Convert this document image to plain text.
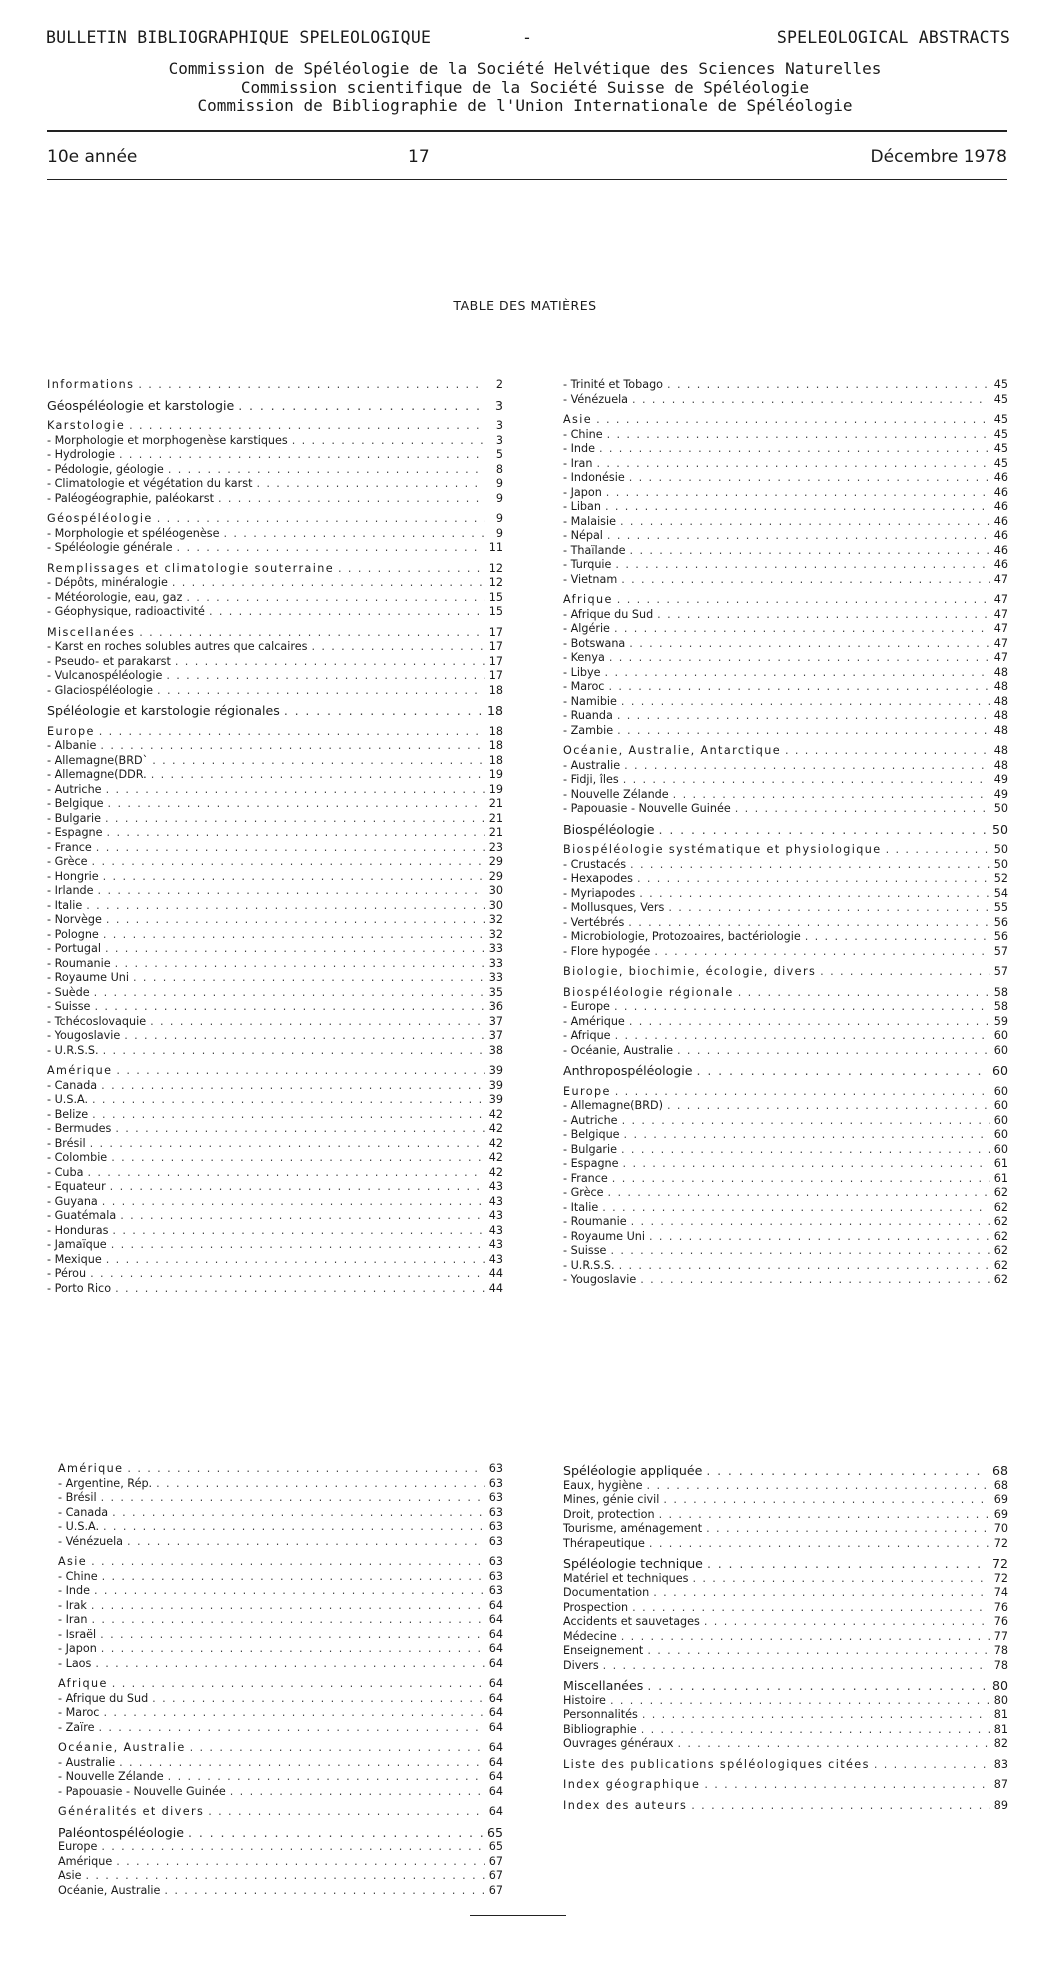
BULLETIN BIBLIOGRAPHIQUE SPELEOLOGIQUE	-	SPELEOLOGICAL ABSTRACTS
Commission de Spéléologie de la Société Helvétique des Sciences Naturelles
Commission scientifique de la Société Suisse de Spéléologie
Commission de Bibliographie de l'Union Internationale de Spéléologie
10e année	17	Décembre 1978
TABLE DES MATIÈRES
Informations . . .	2
Géospéléologie et karstologie . . .	3
Karstologie . . .	3
- Morphologie et morphogenèse karstiques . . .	3
- Hydrologie . . .	5
- Pédologie, géologie . . .	8
- Climatologie et végétation du karst . . .	9
- Paléogéographie, paléokarst . . .	9
Géospéléologie . . .	9
- Morphologie et spéléogenèse . . .	9
- Spéléologie générale . . .	11
Remplissages et climatologie souterraine . . .	12
- Dépôts, minéralogie . . .	12
- Météorologie, eau, gaz . . .	15
- Géophysique, radioactivité . . .	15
Miscellanées . . .	17
- Karst en roches solubles autres que calcaires . . .	17
- Pseudo- et parakarst . . .	17
- Vulcanospéléologie . . .	17
- Glaciospéléologie . . .	18
Spéléologie et karstologie régionales . . .	18
Europe . . .	18
- Albanie . . .	18
- Allemagne(BRD` . . .	18
- Allemagne(DDR. . . .	19
- Autriche . . .	19
- Belgique . . .	21
- Bulgarie . . .	21
- Espagne . . .	21
- France . . .	23
- Grèce . . .	29
- Hongrie . . .	29
- Irlande . . .	30
- Italie . . .	30
- Norvège . . .	32
- Pologne . . .	32
- Portugal . . .	33
- Roumanie . . .	33
- Royaume Uni . . .	33
- Suède . . .	35
- Suisse . . .	36
- Tchécoslovaquie . . .	37
- Yougoslavie . . .	37
- U.R.S.S. . . .	38
Amérique . . .	39
- Canada . . .	39
- U.S.A. . . .	39
- Belize . . .	42
- Bermudes . . .	42
- Brésil . . .	42
- Colombie . . .	42
- Cuba . . .	42
- Equateur . . .	43
- Guyana . . .	43
- Guatémala . . .	43
- Honduras . . .	43
- Jamaïque . . .	43
- Mexique . . .	43
- Pérou . . .	44
- Porto Rico . . .	44
- Trinité et Tobago . . .	45
- Vénézuela . . .	45
Asie . . .	45
- Chine . . .	45
- Inde . . .	45
- Iran . . .	45
- Indonésie . . .	46
- Japon . . .	46
- Liban . . .	46
- Malaisie . . .	46
- Népal . . .	46
- Thaïlande . . .	46
- Turquie . . .	46
- Vietnam . . .	47
Afrique . . .	47
- Afrique du Sud . . .	47
- Algérie . . .	47
- Botswana . . .	47
- Kenya . . .	47
- Libye . . .	48
- Maroc . . .	48
- Namibie . . .	48
- Ruanda . . .	48
- Zambie . . .	48
Océanie, Australie, Antarctique . . .	48
- Australie . . .	48
- Fidji, îles . . .	49
- Nouvelle Zélande . . .	49
- Papouasie - Nouvelle Guinée . . .	50
Biospéléologie . . .	50
Biospéléologie systématique et physiologique . . .	50
- Crustacés . . .	50
- Hexapodes . . .	52
- Myriapodes . . .	54
- Mollusques, Vers . . .	55
- Vertébrés . . .	56
- Microbiologie, Protozoaires, bactériologie . . .	56
- Flore hypogée . . .	57
Biologie, biochimie, écologie, divers . . .	57
Biospéléologie régionale . . .	58
- Europe . . .	58
- Amérique . . .	59
- Afrique . . .	60
- Océanie, Australie . . .	60
Anthropospéléologie . . .	60
Europe . . .	60
- Allemagne(BRD) . . .	60
- Autriche . . .	60
- Belgique . . .	60
- Bulgarie . . .	60
- Espagne . . .	61
- France . . .	61
- Grèce . . .	62
- Italie . . .	62
- Roumanie . . .	62
- Royaume Uni . . .	62
- Suisse . . .	62
- U.R.S.S. . . .	62
- Yougoslavie . . .	62
Amérique . . .	63
- Argentine, Rép. . . .	63
- Brésil . . .	63
- Canada . . .	63
- U.S.A. . . .	63
- Vénézuela . . .	63
Asie . . .	63
- Chine . . .	63
- Inde . . .	63
- Irak . . .	64
- Iran . . .	64
- Israël . . .	64
- Japon . . .	64
- Laos . . .	64
Afrique . . .	64
- Afrique du Sud . . .	64
- Maroc . . .	64
- Zaïre . . .	64
Océanie, Australie . . .	64
- Australie . . .	64
- Nouvelle Zélande . . .	64
- Papouasie - Nouvelle Guinée . . .	64
Généralités et divers . . .	64
Paléontospéléologie . . .	65
Europe . . .	65
Amérique . . .	67
Asie . . .	67
Océanie, Australie . . .	67
Spéléologie appliquée . . .	68
Eaux, hygiène . . .	68
Mines, génie civil . . .	69
Droit, protection . . .	69
Tourisme, aménagement . . .	70
Thérapeutique . . .	72
Spéléologie technique . . .	72
Matériel et techniques . . .	72
Documentation . . .	74
Prospection . . .	76
Accidents et sauvetages . . .	76
Médecine . . .	77
Enseignement . . .	78
Divers . . .	78
Miscellanées . . .	80
Histoire . . .	80
Personnalités . . .	81
Bibliographie . . .	81
Ouvrages généraux . . .	82
Liste des publications spéléologiques citées . . .	83
Index géographique . . .	87
Index des auteurs . . .	89
